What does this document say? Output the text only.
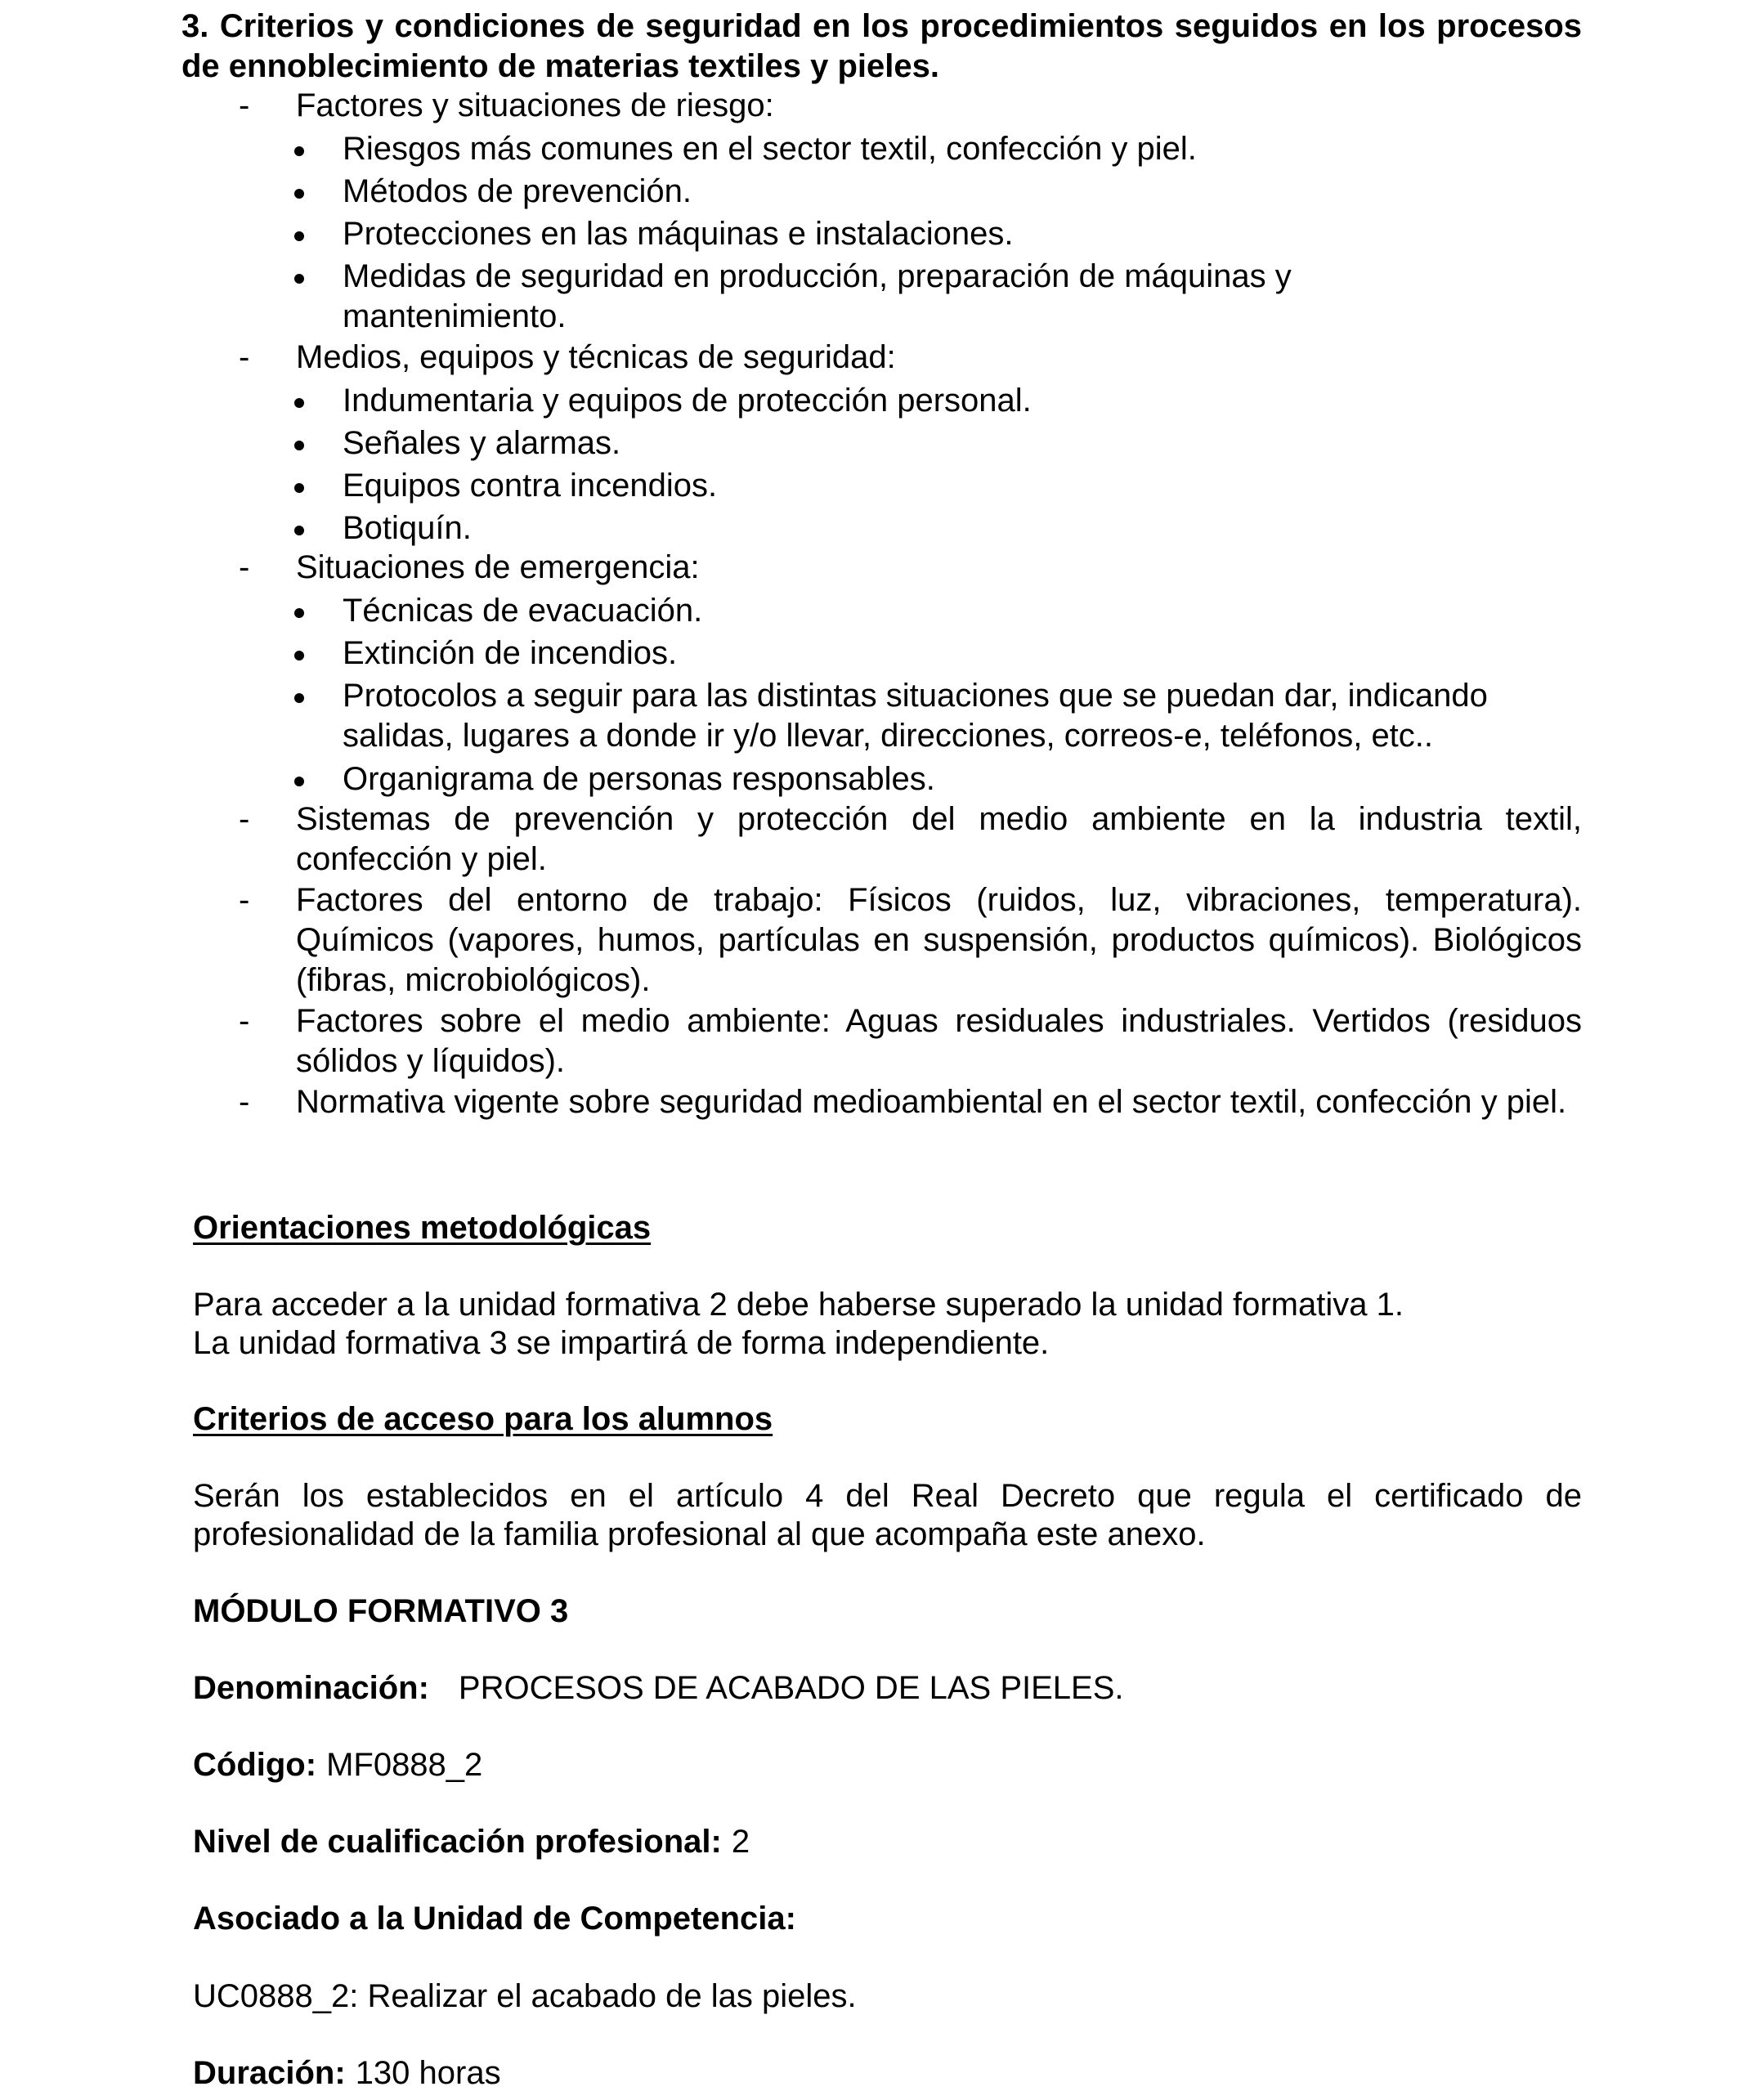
3. Criterios y condiciones de seguridad en los procedimientos seguidos en los procesos de ennoblecimiento de materias textiles y pieles.
- Factores y situaciones de riesgo:
Riesgos más comunes en el sector textil, confección y piel.
Métodos de prevención.
Protecciones en las máquinas e instalaciones.
Medidas de seguridad en producción, preparación de máquinas y mantenimiento.
- Medios, equipos y técnicas de seguridad:
Indumentaria y equipos de protección personal.
Señales y alarmas.
Equipos contra incendios.
Botiquín.
- Situaciones de emergencia:
Técnicas de evacuación.
Extinción de incendios.
Protocolos a seguir para las distintas situaciones que se puedan dar, indicando salidas, lugares a donde ir y/o llevar, direcciones, correos-e, teléfonos, etc..
Organigrama de personas responsables.
- Sistemas de prevención y protección del medio ambiente en la industria textil, confección y piel.
- Factores del entorno de trabajo: Físicos (ruidos, luz, vibraciones, temperatura). Químicos (vapores, humos, partículas en suspensión, productos químicos). Biológicos (fibras, microbiológicos).
- Factores sobre el medio ambiente: Aguas residuales industriales. Vertidos (residuos sólidos y líquidos).
- Normativa vigente sobre seguridad medioambiental en el sector textil, confección y piel.
Orientaciones metodológicas
Para acceder a la unidad formativa 2 debe haberse superado la unidad formativa 1.
La unidad formativa 3 se impartirá de forma independiente.
Criterios de acceso para los alumnos
Serán los establecidos en el artículo 4 del Real Decreto que regula el certificado de profesionalidad de la familia profesional al que acompaña este anexo.
MÓDULO FORMATIVO 3
Denominación: PROCESOS DE ACABADO DE LAS PIELES.
Código: MF0888_2
Nivel de cualificación profesional: 2
Asociado a la Unidad de Competencia:
UC0888_2: Realizar el acabado de las pieles.
Duración: 130 horas
